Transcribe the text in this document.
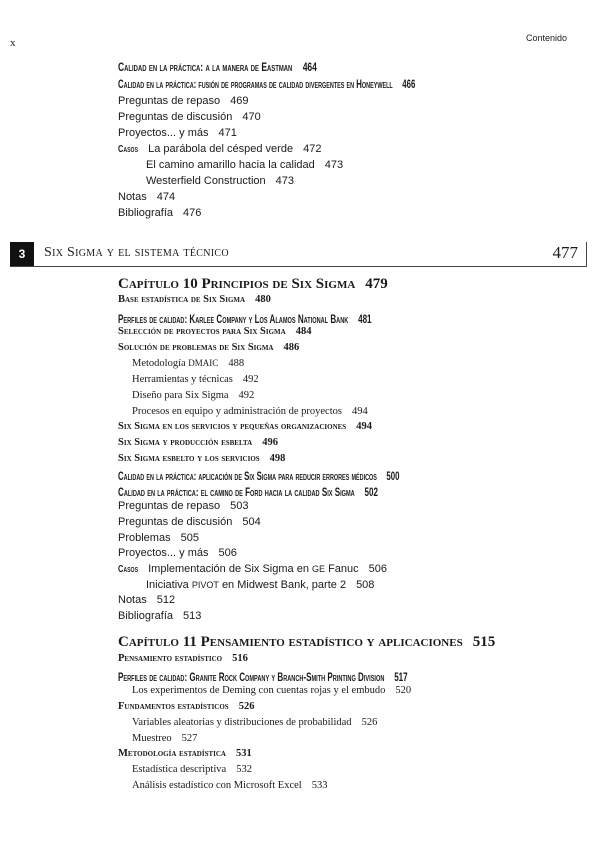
x	Contenido
Calidad en la práctica: a la manera de Eastman 464
Calidad en la práctica: fusión de programas de calidad divergentes en Honeywell 466
Preguntas de repaso 469
Preguntas de discusión 470
Proyectos... y más 471
Casos La parábola del césped verde 472
El camino amarillo hacia la calidad 473
Westerfield Construction 473
Notas 474
Bibliografía 476
3	Six Sigma y el sistema técnico	477
Capítulo 10 Principios de Six Sigma 479
Base estadística de Six Sigma 480
Perfiles de calidad: Karlee Company y Los Alamos National Bank 481
Selección de proyectos para Six Sigma 484
Solución de problemas de Six Sigma 486
Metodología DMAIC 488
Herramientas y técnicas 492
Diseño para Six Sigma 492
Procesos en equipo y administración de proyectos 494
Six Sigma en los servicios y pequeñas organizaciones 494
Six Sigma y producción esbelta 496
Six Sigma esbelto y los servicios 498
Calidad en la práctica: aplicación de Six Sigma para reducir errores médicos 500
Calidad en la práctica: el camino de Ford hacia la calidad Six Sigma 502
Preguntas de repaso 503
Preguntas de discusión 504
Problemas 505
Proyectos... y más 506
Casos Implementación de Six Sigma en GE Fanuc 506
Iniciativa PIVOT en Midwest Bank, parte 2 508
Notas 512
Bibliografía 513
Capítulo 11 Pensamiento estadístico y aplicaciones 515
Pensamiento estadístico 516
Perfiles de calidad: Granite Rock Company y Branch-Smith Printing Division 517
Los experimentos de Deming con cuentas rojas y el embudo 520
Fundamentos estadísticos 526
Variables aleatorias y distribuciones de probabilidad 526
Muestreo 527
Metodología estadística 531
Estadística descriptiva 532
Análisis estadístico con Microsoft Excel 533
